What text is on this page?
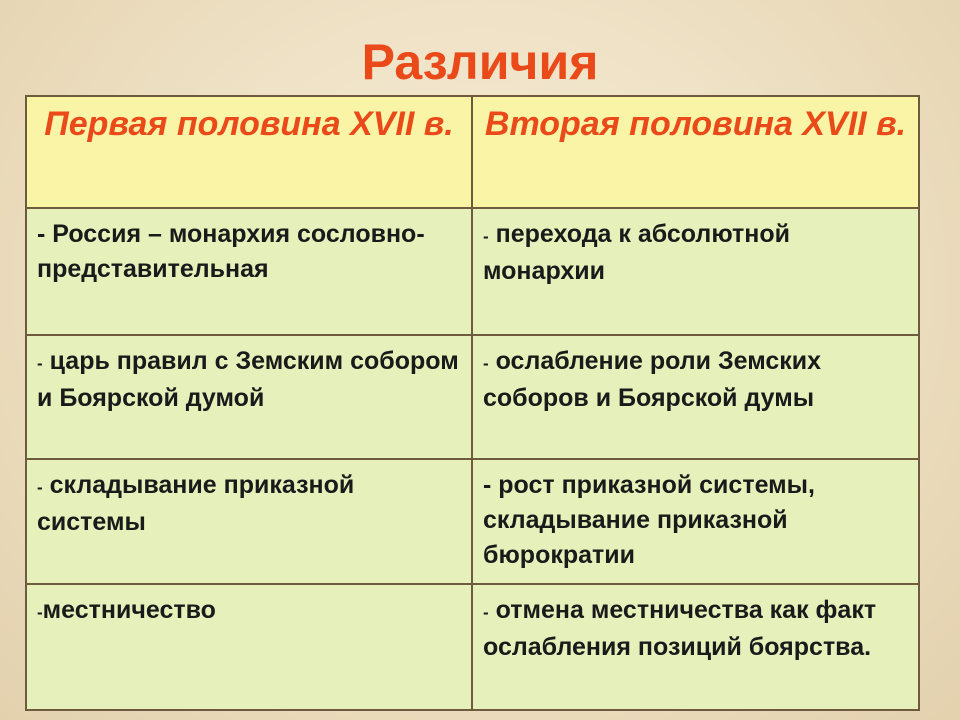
Различия
Первая половина XVII в.	Вторая половина XVII в.
- Россия – монархия сословно-представительная	- перехода к абсолютной монархии
- царь правил с Земским собором и Боярской думой	- ослабление роли Земских соборов и Боярской думы
- складывание приказной системы	- рост приказной системы, складывание приказной бюрократии
-местничество	- отмена местничества как факт ослабления позиций боярства.
